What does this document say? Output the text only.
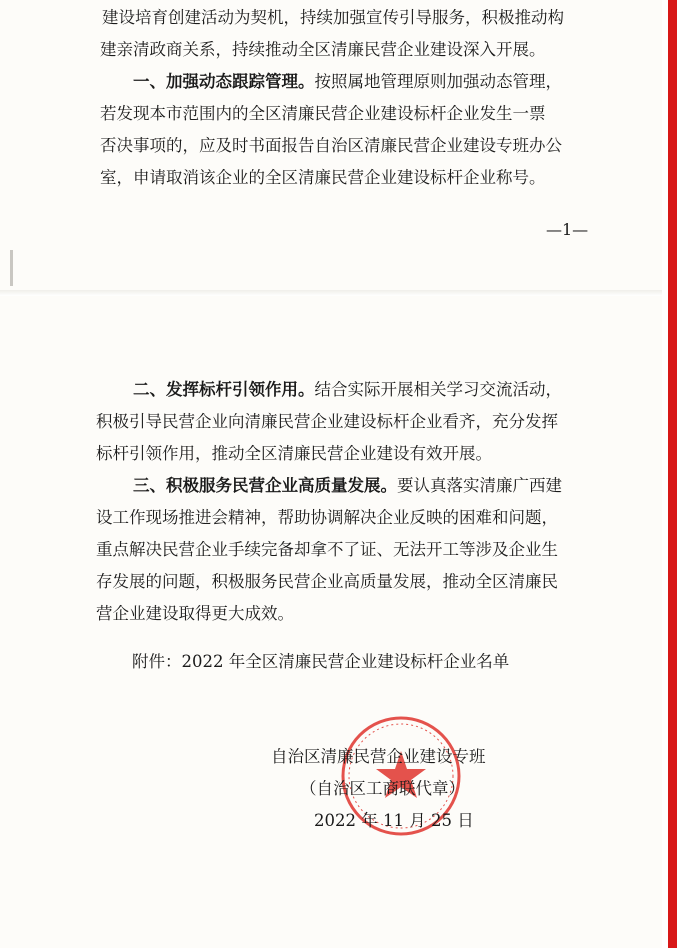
建设培育创建活动为契机，持续加强宣传引导服务，积极推动构
建亲清政商关系，持续推动全区清廉民营企业建设深入开展。
一、加强动态跟踪管理。按照属地管理原则加强动态管理，
若发现本市范围内的全区清廉民营企业建设标杆企业发生一票
否决事项的，应及时书面报告自治区清廉民营企业建设专班办公
室，申请取消该企业的全区清廉民营企业建设标杆企业称号。
—1—
二、发挥标杆引领作用。结合实际开展相关学习交流活动，
积极引导民营企业向清廉民营企业建设标杆企业看齐，充分发挥
标杆引领作用，推动全区清廉民营企业建设有效开展。
三、积极服务民营企业高质量发展。要认真落实清廉广西建
设工作现场推进会精神，帮助协调解决企业反映的困难和问题，
重点解决民营企业手续完备却拿不了证、无法开工等涉及企业生
存发展的问题，积极服务民营企业高质量发展，推动全区清廉民
营企业建设取得更大成效。
附件：2022 年全区清廉民营企业建设标杆企业名单
自治区清廉民营企业建设专班
（自治区工商联代章）
2022 年 11 月 25 日
